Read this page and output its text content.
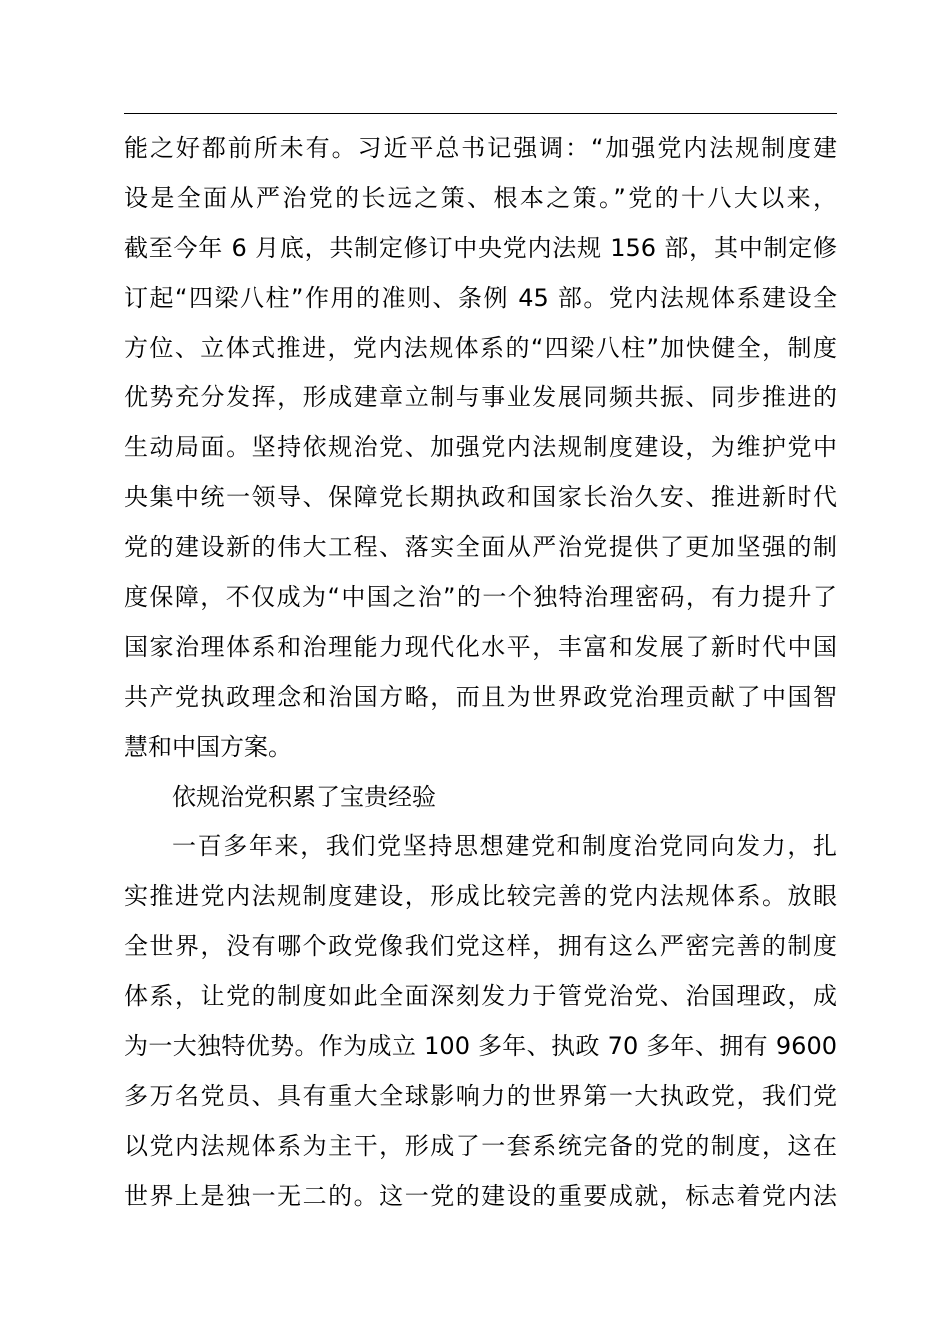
能之好都前所未有。习近平总书记强调：“加强党内法规制度建
设是全面从严治党的长远之策、根本之策。”党的十八大以来，
截至今年 6 月底，共制定修订中央党内法规 156 部，其中制定修
订起“四梁八柱”作用的准则、条例 45 部。党内法规体系建设全
方位、立体式推进，党内法规体系的“四梁八柱”加快健全，制度
优势充分发挥，形成建章立制与事业发展同频共振、同步推进的
生动局面。坚持依规治党、加强党内法规制度建设，为维护党中
央集中统一领导、保障党长期执政和国家长治久安、推进新时代
党的建设新的伟大工程、落实全面从严治党提供了更加坚强的制
度保障，不仅成为“中国之治”的一个独特治理密码，有力提升了
国家治理体系和治理能力现代化水平，丰富和发展了新时代中国
共产党执政理念和治国方略，而且为世界政党治理贡献了中国智
慧和中国方案。
依规治党积累了宝贵经验
一百多年来，我们党坚持思想建党和制度治党同向发力，扎
实推进党内法规制度建设，形成比较完善的党内法规体系。放眼
全世界，没有哪个政党像我们党这样，拥有这么严密完善的制度
体系，让党的制度如此全面深刻发力于管党治党、治国理政，成
为一大独特优势。作为成立 100 多年、执政 70 多年、拥有 9600
多万名党员、具有重大全球影响力的世界第一大执政党，我们党
以党内法规体系为主干，形成了一套系统完备的党的制度，这在
世界上是独一无二的。这一党的建设的重要成就，标志着党内法
